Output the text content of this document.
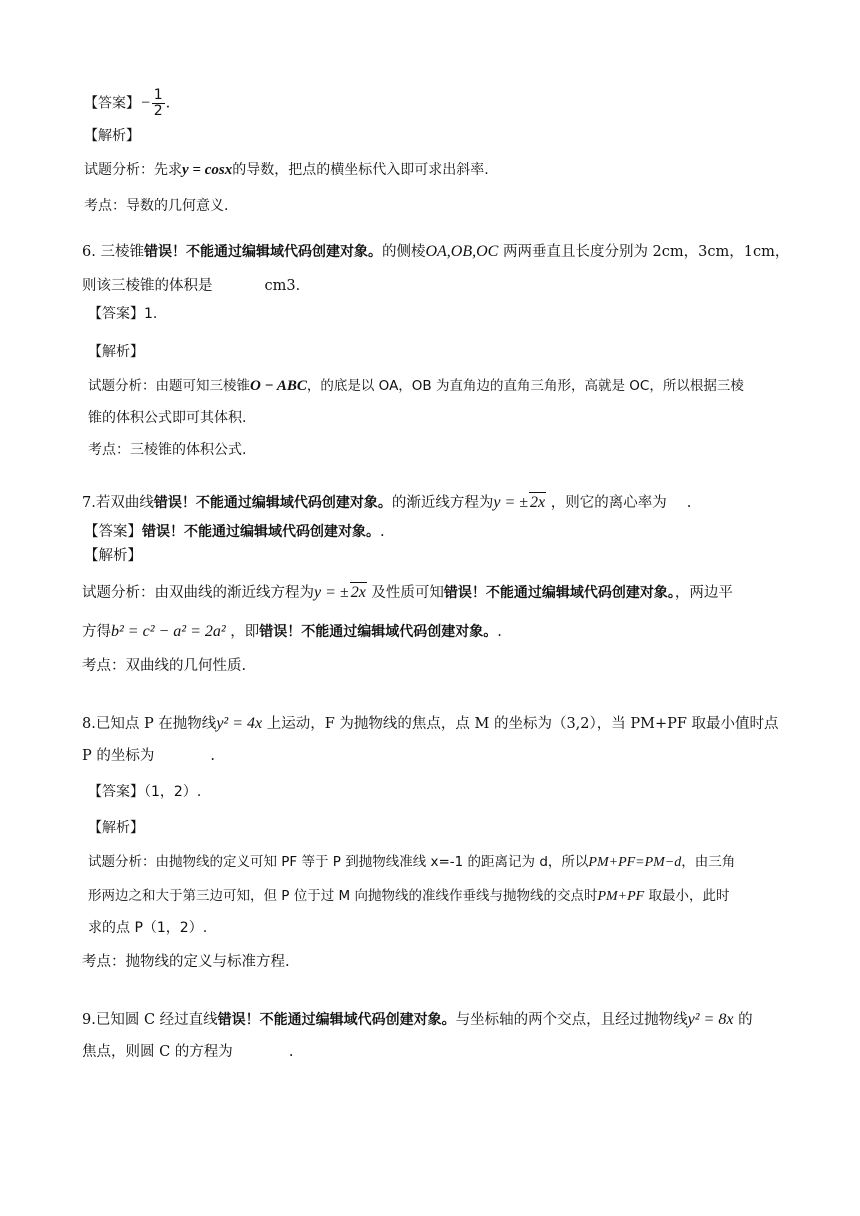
【答案】− $\frac{1}{2}$ ．
【解析】
试题分析：先求y = cosx的导数，把点的横坐标代入即可求出斜率.
考点：导数的几何意义.
6. 三棱锥错误！不能通过编辑域代码创建对象。的侧棱OA,OB,OC 两两垂直且长度分别为 2cm，3cm，1cm，
则该三棱锥的体积是	cm3．
【答案】1.
【解析】
试题分析：由题可知三棱锥O − ABC，的底是以 OA，OB 为直角边的直角三角形，高就是 OC，所以根据三棱
锥的体积公式即可其体积.
考点：三棱锥的体积公式.
7.若双曲线错误！不能通过编辑域代码创建对象。的渐近线方程为y = ± 2x ，则它的离心率为 .
【答案】错误！不能通过编辑域代码创建对象。.
【解析】
试题分析：由双曲线的渐近线方程为y = ± 2x 及性质可知错误！不能通过编辑域代码创建对象。，两边平
方得b² = c² − a² = 2a² ，即错误！不能通过编辑域代码创建对象。.
考点：双曲线的几何性质.
8.已知点 P 在抛物线y² = 4x 上运动，F 为抛物线的焦点，点 M 的坐标为（3,2），当 PM+PF 取最小值时点
P 的坐标为	.
【答案】（1，2）.
【解析】
试题分析：由抛物线的定义可知 PF 等于 P 到抛物线准线 x=-1 的距离记为 d，所以PM+PF=PM−d，由三角
形两边之和大于第三边可知，但 P 位于过 M 向抛物线的准线作垂线与抛物线的交点时PM+PF 取最小，此时
求的点 P（1，2）.
考点：抛物线的定义与标准方程.
9.已知圆 C 经过直线错误！不能通过编辑域代码创建对象。与坐标轴的两个交点，且经过抛物线y² = 8x 的
焦点，则圆 C 的方程为	.
